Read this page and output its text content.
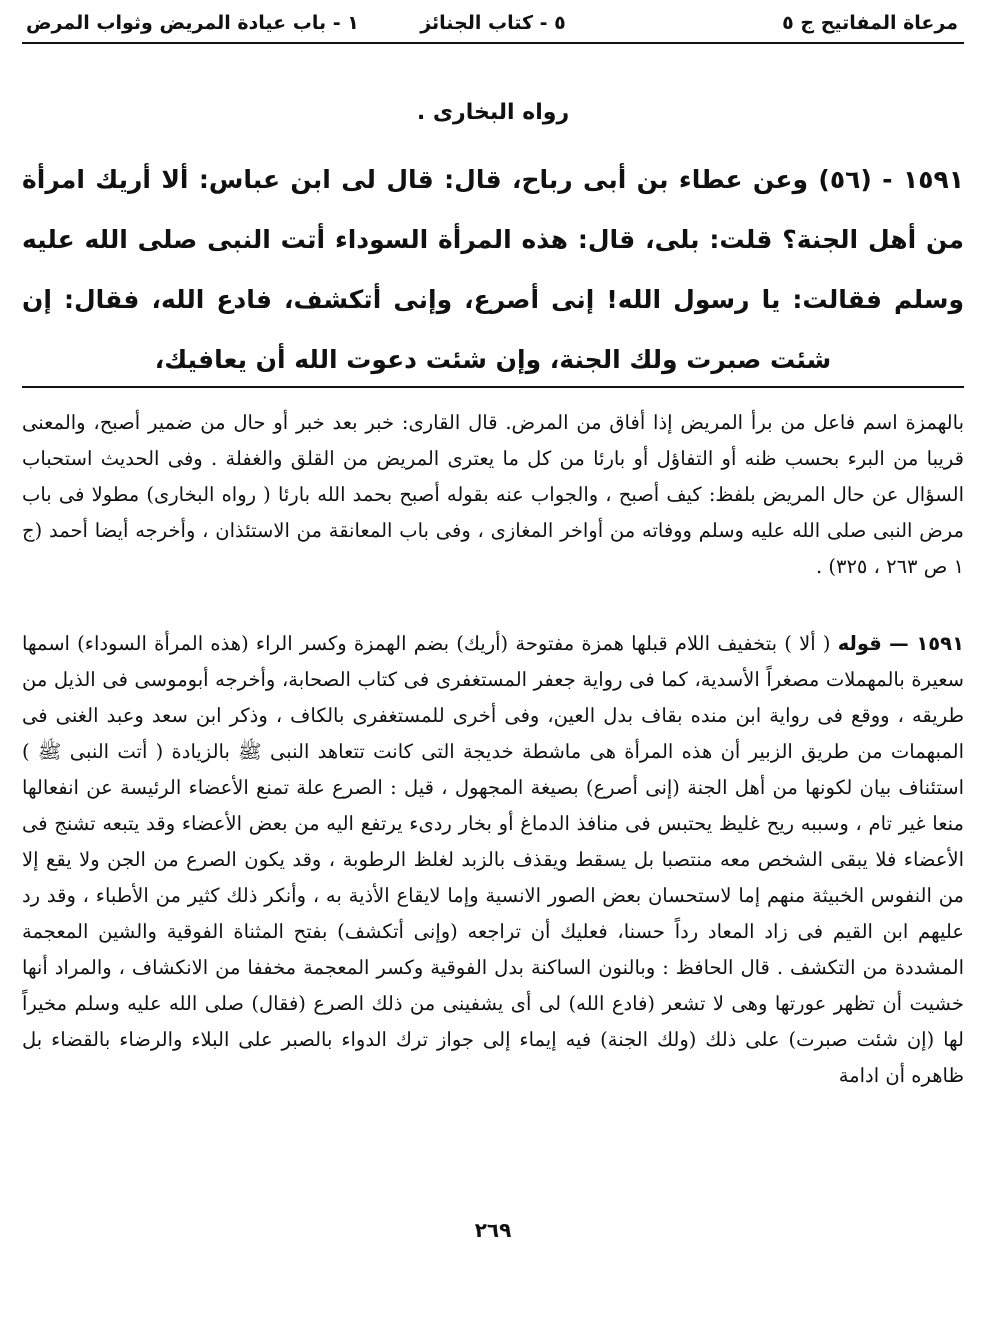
مرعاة المفاتيح ج ٥
٥ - كتاب الجنائز
١ - باب عيادة المريض وثواب المرض
رواه البخارى .
١٥٩١ - (٥٦) وعن عطاء بن أبى رباح، قال: قال لى ابن عباس: ألا أريك امرأة من أهل الجنة؟ قلت: بلى، قال: هذه المرأة السوداء أتت النبى صلى الله عليه وسلم فقالت: يا رسول الله! إنى أصرع، وإنى أتكشف، فادع الله، فقال: إن شئت صبرت ولك الجنة، وإن شئت دعوت الله أن يعافيك،
بالهمزة اسم فاعل من برأ المريض إذا أفاق من المرض. قال القارى: خبر بعد خبر أو حال من ضمير أصبح، والمعنى قريبا من البرء بحسب ظنه أو التفاؤل أو بارئا من كل ما يعترى المريض من القلق والغفلة . وفى الحديث استحباب السؤال عن حال المريض بلفظ: كيف أصبح ، والجواب عنه بقوله أصبح بحمد الله بارئا ( رواه البخارى) مطولا فى باب مرض النبى صلى الله عليه وسلم ووفاته من أواخر المغازى ، وفى باب المعانقة من الاستئذان ، وأخرجه أيضا أحمد (ج ١ ص ٢٦٣ ، ٣٢٥) .
١٥٩١ — قوله ( ألا ) بتخفيف اللام قبلها همزة مفتوحة (أريك) بضم الهمزة وكسر الراء (هذه المرأة السوداء) اسمها سعيرة بالمهملات مصغراً الأسدية، كما فى رواية جعفر المستغفرى فى كتاب الصحابة، وأخرجه أبوموسى فى الذيل من طريقه ، ووقع فى رواية ابن منده بقاف بدل العين، وفى أخرى للمستغفرى بالكاف ، وذكر ابن سعد وعبد الغنى فى المبهمات من طريق الزبير أن هذه المرأة هى ماشطة خديجة التى كانت تتعاهد النبى ﷺ بالزيادة ( أتت النبى ﷺ ) استئناف بيان لكونها من أهل الجنة (إنى أصرع) بصيغة المجهول ، قيل : الصرع علة تمنع الأعضاء الرئيسة عن انفعالها منعا غير تام ، وسببه ريح غليظ يحتبس فى منافذ الدماغ أو بخار ردىء يرتفع اليه من بعض الأعضاء وقد يتبعه تشنج فى الأعضاء فلا يبقى الشخص معه منتصبا بل يسقط ويقذف بالزبد لغلظ الرطوبة ، وقد يكون الصرع من الجن ولا يقع إلا من النفوس الخبيثة منهم إما لاستحسان بعض الصور الانسية وإما لايقاع الأذية به ، وأنكر ذلك كثير من الأطباء ، وقد رد عليهم ابن القيم فى زاد المعاد رداً حسنا، فعليك أن تراجعه (وإنى أتكشف) بفتح المثناة الفوقية والشين المعجمة المشددة من التكشف . قال الحافظ : وبالنون الساكنة بدل الفوقية وكسر المعجمة مخففا من الانكشاف ، والمراد أنها خشيت أن تظهر عورتها وهى لا تشعر (فادع الله) لى أى يشفينى من ذلك الصرع (فقال) صلى الله عليه وسلم مخيراً لها (إن شئت صبرت) على ذلك (ولك الجنة) فيه إيماء إلى جواز ترك الدواء بالصبر على البلاء والرضاء بالقضاء بل ظاهره أن ادامة
٢٦٩
